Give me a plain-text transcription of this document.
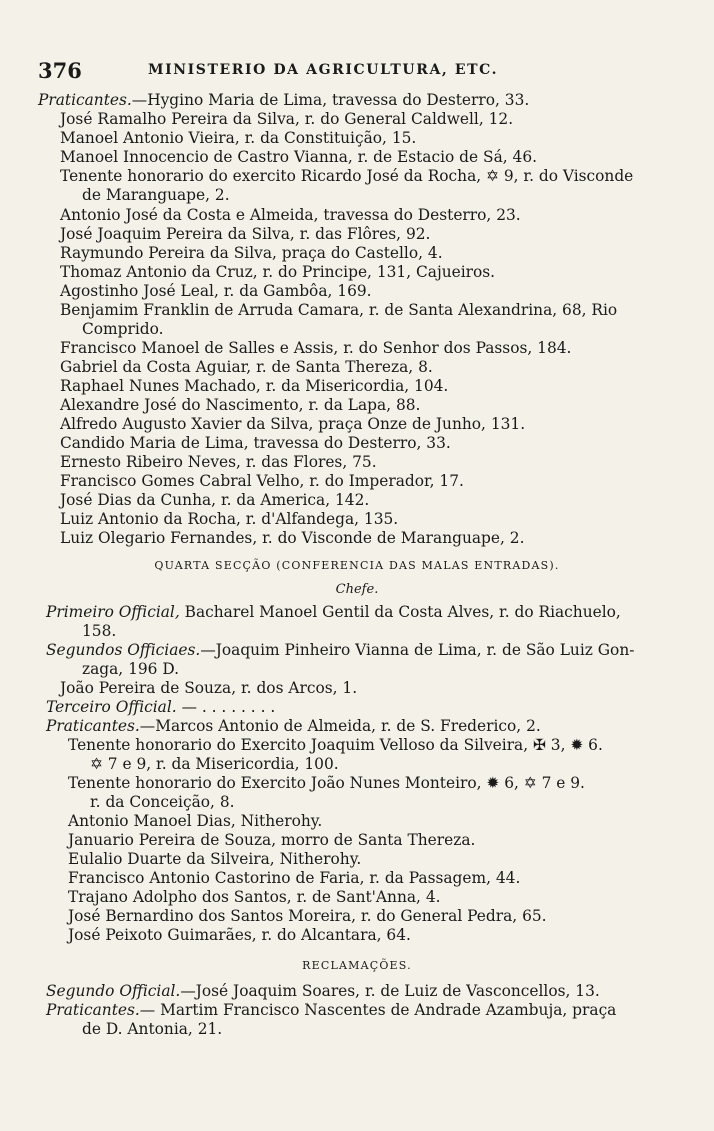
376	MINISTERIO DA AGRICULTURA, ETC.
Praticantes.—Hygino Maria de Lima, travessa do Desterro, 33.
José Ramalho Pereira da Silva, r. do General Caldwell, 12.
Manoel Antonio Vieira, r. da Constituição, 15.
Manoel Innocencio de Castro Vianna, r. de Estacio de Sá, 46.
Tenente honorario do exercito Ricardo José da Rocha, ✡ 9, r. do Visconde
de Maranguape, 2.
Antonio José da Costa e Almeida, travessa do Desterro, 23.
José Joaquim Pereira da Silva, r. das Flôres, 92.
Raymundo Pereira da Silva, praça do Castello, 4.
Thomaz Antonio da Cruz, r. do Principe, 131, Cajueiros.
Agostinho José Leal, r. da Gambôa, 169.
Benjamim Franklin de Arruda Camara, r. de Santa Alexandrina, 68, Rio
Comprido.
Francisco Manoel de Salles e Assis, r. do Senhor dos Passos, 184.
Gabriel da Costa Aguiar, r. de Santa Thereza, 8.
Raphael Nunes Machado, r. da Misericordia, 104.
Alexandre José do Nascimento, r. da Lapa, 88.
Alfredo Augusto Xavier da Silva, praça Onze de Junho, 131.
Candido Maria de Lima, travessa do Desterro, 33.
Ernesto Ribeiro Neves, r. das Flores, 75.
Francisco Gomes Cabral Velho, r. do Imperador, 17.
José Dias da Cunha, r. da America, 142.
Luiz Antonio da Rocha, r. d'Alfandega, 135.
Luiz Olegario Fernandes, r. do Visconde de Maranguape, 2.
QUARTA SECÇÃO (CONFERENCIA DAS MALAS ENTRADAS).
Chefe.
Primeiro Official, Bacharel Manoel Gentil da Costa Alves, r. do Riachuelo,
158.
Segundos Officiaes.—Joaquim Pinheiro Vianna de Lima, r. de São Luiz Gon-
zaga, 196 D.
João Pereira de Souza, r. dos Arcos, 1.
Terceiro Official. — . . . . . . . .
Praticantes.—Marcos Antonio de Almeida, r. de S. Frederico, 2.
Tenente honorario do Exercito Joaquim Velloso da Silveira, ✠ 3, ✹ 6.
✡ 7 e 9, r. da Misericordia, 100.
Tenente honorario do Exercito João Nunes Monteiro, ✹ 6, ✡ 7 e 9.
r. da Conceição, 8.
Antonio Manoel Dias, Nitherohy.
Januario Pereira de Souza, morro de Santa Thereza.
Eulalio Duarte da Silveira, Nitherohy.
Francisco Antonio Castorino de Faria, r. da Passagem, 44.
Trajano Adolpho dos Santos, r. de Sant'Anna, 4.
José Bernardino dos Santos Moreira, r. do General Pedra, 65.
José Peixoto Guimarães, r. do Alcantara, 64.
RECLAMAÇÕES.
Segundo Official.—José Joaquim Soares, r. de Luiz de Vasconcellos, 13.
Praticantes.— Martim Francisco Nascentes de Andrade Azambuja, praça
de D. Antonia, 21.
